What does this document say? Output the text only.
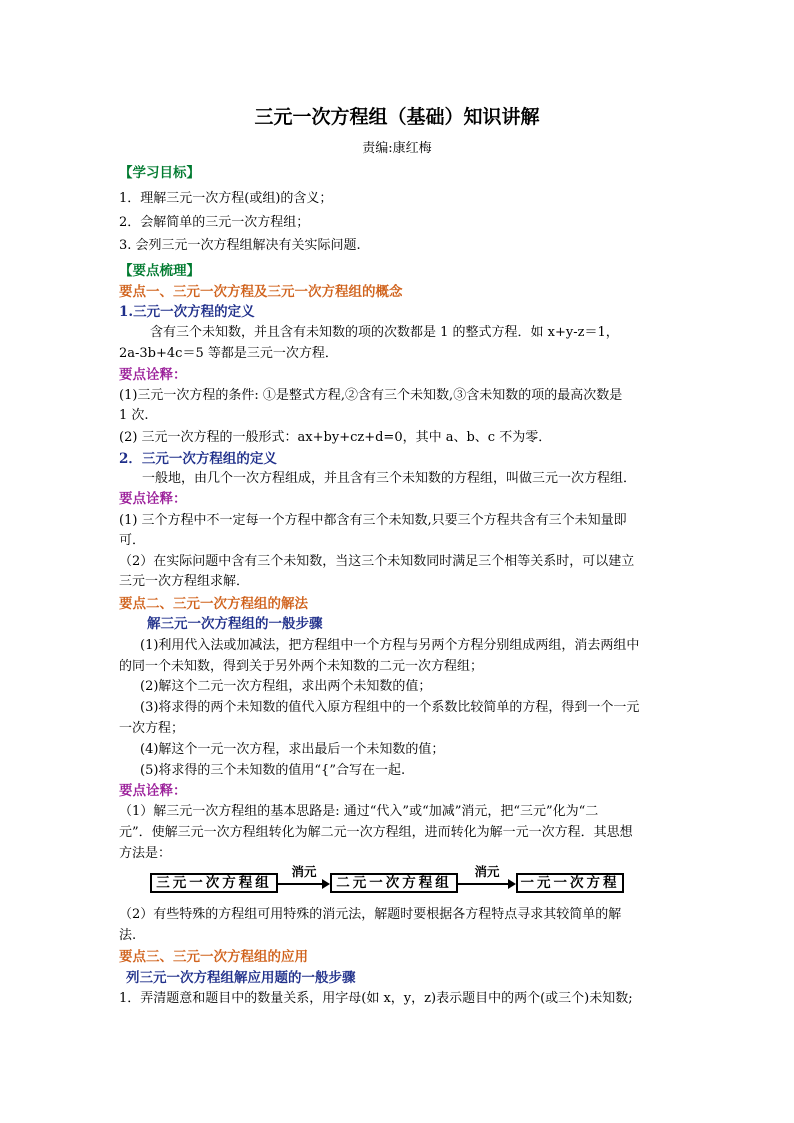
三元一次方程组（基础）知识讲解
责编:康红梅
【学习目标】
1．理解三元一次方程(或组)的含义；
2．会解简单的三元一次方程组；
3. 会列三元一次方程组解决有关实际问题.
【要点梳理】
要点一、三元一次方程及三元一次方程组的概念
1.三元一次方程的定义
含有三个未知数，并且含有未知数的项的次数都是 1 的整式方程．如 x+y-z＝1，
2a-3b+4c＝5 等都是三元一次方程．
要点诠释：
(1)三元一次方程的条件: ①是整式方程,②含有三个未知数,③含未知数的项的最高次数是
1 次.
(2) 三元一次方程的一般形式：ax+by+cz+d=0，其中 a、b、c 不为零．
2．三元一次方程组的定义
一般地，由几个一次方程组成，并且含有三个未知数的方程组，叫做三元一次方程组．
要点诠释：
(1) 三个方程中不一定每一个方程中都含有三个未知数,只要三个方程共含有三个未知量即
可．
（2）在实际问题中含有三个未知数，当这三个未知数同时满足三个相等关系时，可以建立
三元一次方程组求解．
要点二、三元一次方程组的解法
解三元一次方程组的一般步骤
(1)利用代入法或加减法，把方程组中一个方程与另两个方程分别组成两组，消去两组中
的同一个未知数，得到关于另外两个未知数的二元一次方程组；
(2)解这个二元一次方程组，求出两个未知数的值；
(3)将求得的两个未知数的值代入原方程组中的一个系数比较简单的方程，得到一个一元
一次方程；
(4)解这个一元一次方程，求出最后一个未知数的值；
(5)将求得的三个未知数的值用“{”合写在一起.
要点诠释：
（1）解三元一次方程组的基本思路是: 通过“代入”或“加减”消元，把“三元”化为“二
元”．使解三元一次方程组转化为解二元一次方程组，进而转化为解一元一次方程．其思想
方法是：
三元一次方程组
消元
二元一次方程组
消元
一元一次方程
（2）有些特殊的方程组可用特殊的消元法，解题时要根据各方程特点寻求其较简单的解
法.
要点三、三元一次方程组的应用
列三元一次方程组解应用题的一般步骤
1．弄清题意和题目中的数量关系，用字母(如 x，y，z)表示题目中的两个(或三个)未知数;
